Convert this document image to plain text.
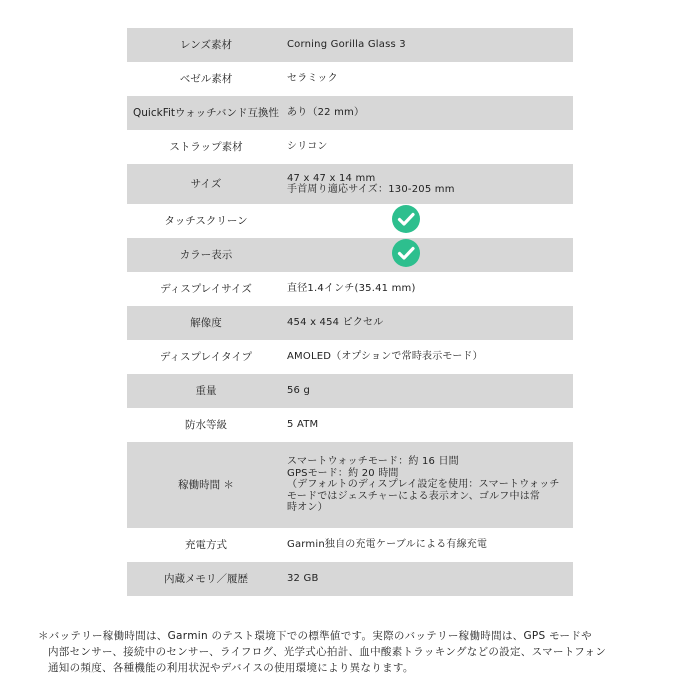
レンズ素材	Corning Gorilla Glass 3
ベゼル素材	セラミック
QuickFitウォッチバンド互換性 あり（22 mm）
ストラップ素材	シリコン
サイズ	47 x 47 x 14 mm
手首周り適応サイズ：130-205 mm
タッチスクリーン
カラー表示
ディスプレイサイズ	直径1.4インチ(35.41 mm)
解像度	454 x 454 ピクセル
ディスプレイタイプ	AMOLED（オプションで常時表示モード）
重量	56 g
防水等級	5 ATM
稼働時間 ＊
スマートウォッチモード：約 16 日間
GPSモード：約 20 時間
（デフォルトのディスプレイ設定を使用：スマートウォッチ
モードではジェスチャーによる表示オン、ゴルフ中は常
時オン）
充電方式	Garmin独自の充電ケーブルによる有線充電
内蔵メモリ／履歴	32 GB
＊バッテリー稼働時間は、Garmin のテスト環境下での標準値です。実際のバッテリー稼働時間は、GPS モードや
内部センサー、接続中のセンサー、ライフログ、光学式心拍計、血中酸素トラッキングなどの設定、スマートフォン
通知の頻度、各種機能の利用状況やデバイスの使用環境により異なります。
